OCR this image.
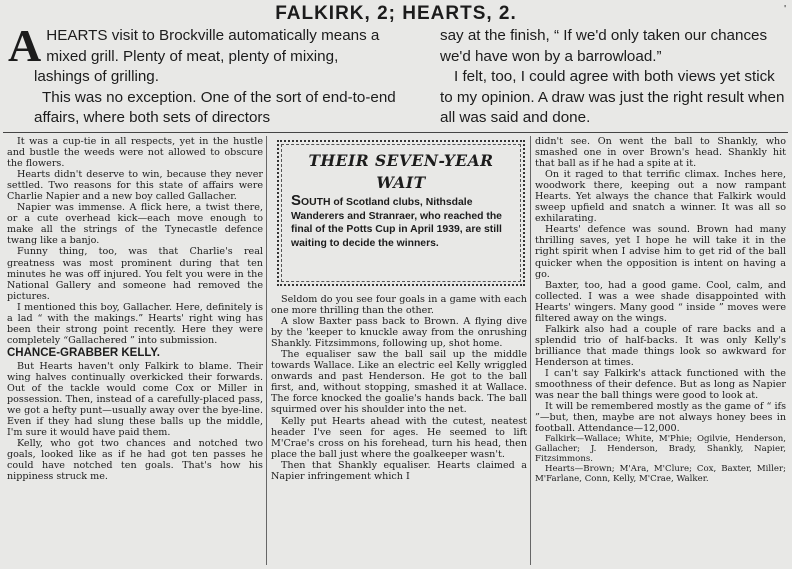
FALKIRK, 2; HEARTS, 2.	'

AHEARTS visit to Brockville automatically means a mixed grill. Plenty of meat, plenty of mixing, lashings of grilling.

This was no exception. One of the sort of end-to-end affairs, where both sets of directors

say at the finish, “ If we'd only taken our chances we'd have won by a barrowload.”

I felt, too, I could agree with both views yet stick to my opinion. A draw was just the right result when all was said and done.

It was a cup-tie in all respects, yet in the hustle and bustle the weeds were not allowed to obscure the flowers.

Hearts didn't deserve to win, because they never settled. Two reasons for this state of affairs were Charlie Napier and a new boy called Gallacher.

Napier was immense. A flick here, a twist there, or a cute overhead kick—each move enough to make all the strings of the Tynecastle defence twang like a banjo.

Funny thing, too, was that Charlie's real greatness was most prominent during that ten minutes he was off injured. You felt you were in the National Gallery and someone had removed the pictures.

I mentioned this boy, Gallacher. Here, definitely is a lad “ with the makings.” Hearts' right wing has been their strong point recently. Here they were completely “Gallachered ” into submission.

CHANCE-GRABBER KELLY.

But Hearts haven't only Falkirk to blame. Their wing halves continually overkicked their forwards. Out of the tackle would come Cox or Miller in possession. Then, instead of a carefully-placed pass, we got a hefty punt—usually away over the bye-line. Even if they had slung these balls up the middle, I'm sure it would have paid them.

Kelly, who got two chances and notched two goals, looked like as if he had got ten passes he could have notched ten goals. That's how his nippiness struck me.

THEIR SEVEN-YEAR WAIT

SOUTH of Scotland clubs, Nithsdale Wanderers and Stranraer, who reached the final of the Potts Cup in April 1939, are still waiting to decide the winners.

Seldom do you see four goals in a game with each one more thrilling than the other.

A slow Baxter pass back to Brown. A flying dive by the 'keeper to knuckle away from the onrushing Shankly. Fitzsimmons, following up, shot home.

The equaliser saw the ball sail up the middle towards Wallace. Like an electric eel Kelly wriggled onwards and past Henderson. He got to the ball first, and, without stopping, smashed it at Wallace. The force knocked the goalie's hands back. The ball squirmed over his shoulder into the net.

Kelly put Hearts ahead with the cutest, neatest header I've seen for ages. He seemed to lift M'Crae's cross on his forehead, turn his head, then place the ball just where the goalkeeper wasn't.

Then that Shankly equaliser. Hearts claimed a Napier infringement which I

didn't see. On went the ball to Shankly, who smashed one in over Brown's head. Shankly hit that ball as if he had a spite at it.

On it raged to that terrific climax. Inches here, woodwork there, keeping out a now rampant Hearts. Yet always the chance that Falkirk would sweep upfield and snatch a winner. It was all so exhilarating.

Hearts' defence was sound. Brown had many thrilling saves, yet I hope he will take it in the right spirit when I advise him to get rid of the ball quicker when the opposition is intent on having a go.

Baxter, too, had a good game. Cool, calm, and collected. I was a wee shade disappointed with Hearts' wingers. Many good “ inside ” moves were filtered away on the wings.

Falkirk also had a couple of rare backs and a splendid trio of half-backs. It was only Kelly's brilliance that made things look so awkward for Henderson at times.

I can't say Falkirk's attack functioned with the smoothness of their defence. But as long as Napier was near the ball things were good to look at.

It will be remembered mostly as the game of “ ifs ”—but, then, maybe are not always honey bees in football. Attendance—12,000.

Falkirk—Wallace; White, M'Phie; Ogilvie, Henderson, Gallacher; J. Henderson, Brady, Shankly, Napier, Fitzsimmons.

Hearts—Brown; M'Ara, M'Clure; Cox, Baxter, Miller; M'Farlane, Conn, Kelly, M'Crae, Walker.
